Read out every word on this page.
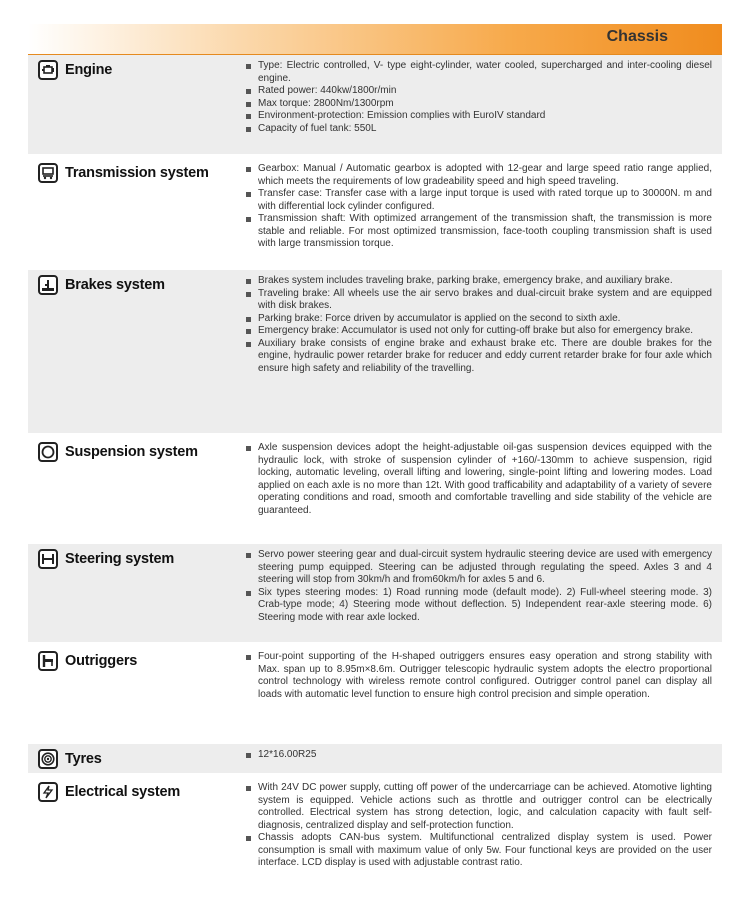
Chassis
Engine	Type: Electric controlled, V- type eight-cylinder, water cooled, supercharged and inter-cooling diesel engine.
Rated power: 440kw/1800r/min
Max torque: 2800Nm/1300rpm
Environment-protection: Emission complies with EuroIV standard
Capacity of fuel tank: 550L
Transmission system	Gearbox: Manual / Automatic gearbox is adopted with 12-gear and large speed ratio range applied, which meets the requirements of low gradeability speed and high speed traveling.
Transfer case: Transfer case with a large input torque is used with rated torque up to 30000N. m and with differential lock cylinder configured.
Transmission shaft: With optimized arrangement of the transmission shaft, the transmission is more stable and reliable. For most optimized transmission, face-tooth coupling transmission shaft is used with large transmission torque.
Brakes system	Brakes system includes traveling brake, parking brake, emergency brake, and auxiliary brake.
Traveling brake: All wheels use the air servo brakes and dual-circuit brake system and are equipped with disk brakes.
Parking brake: Force driven by accumulator is applied on the second to sixth axle.
Emergency brake: Accumulator is used not only for cutting-off brake but also for emergency brake.
Auxiliary brake consists of engine brake and exhaust brake etc. There are double brakes for the engine, hydraulic power retarder brake for reducer and eddy current retarder brake for four axle which ensure high safety and reliability of the travelling.
Suspension system	Axle suspension devices adopt the height-adjustable oil-gas suspension devices equipped with the hydraulic lock, with stroke of suspension cylinder of +160/-130mm to achieve suspension, rigid locking, automatic leveling, overall lifting and lowering, single-point lifting and lowering modes. Load applied on each axle is no more than 12t. With good trafficability and adaptability of a variety of severe operating conditions and road, smooth and comfortable travelling and side stability of the vehicle are guaranteed.
Steering system	Servo power steering gear and dual-circuit system hydraulic steering device are used with emergency steering pump equipped. Steering can be adjusted through regulating the speed. Axles 3 and 4 steering will stop from 30km/h and from60km/h for axles 5 and 6.
Six types steering modes: 1) Road running mode (default mode). 2) Full-wheel steering mode. 3) Crab-type mode; 4) Steering mode without deflection. 5) Independent rear-axle steering mode. 6) Steering mode with rear axle locked.
Outriggers	Four-point supporting of the H-shaped outriggers ensures easy operation and strong stability with Max. span up to 8.95m×8.6m. Outrigger telescopic hydraulic system adopts the electro proportional control technology with wireless remote control configured. Outrigger control panel can display all loads with automatic level function to ensure high control precision and simple operation.
Tyres	12*16.00R25
Electrical system	With 24V DC power supply, cutting off power of the undercarriage can be achieved. Atomotive lighting system is equipped. Vehicle actions such as throttle and outrigger control can be electrically controlled. Electrical system has strong detection, logic, and calculation capacity with fault self-diagnosis, centralized display and self-protection function.
Chassis adopts CAN-bus system. Multifunctional centralized display system is used. Power consumption is small with maximum value of only 5w. Four functional keys are provided on the user interface. LCD display is used with adjustable contrast ratio.
